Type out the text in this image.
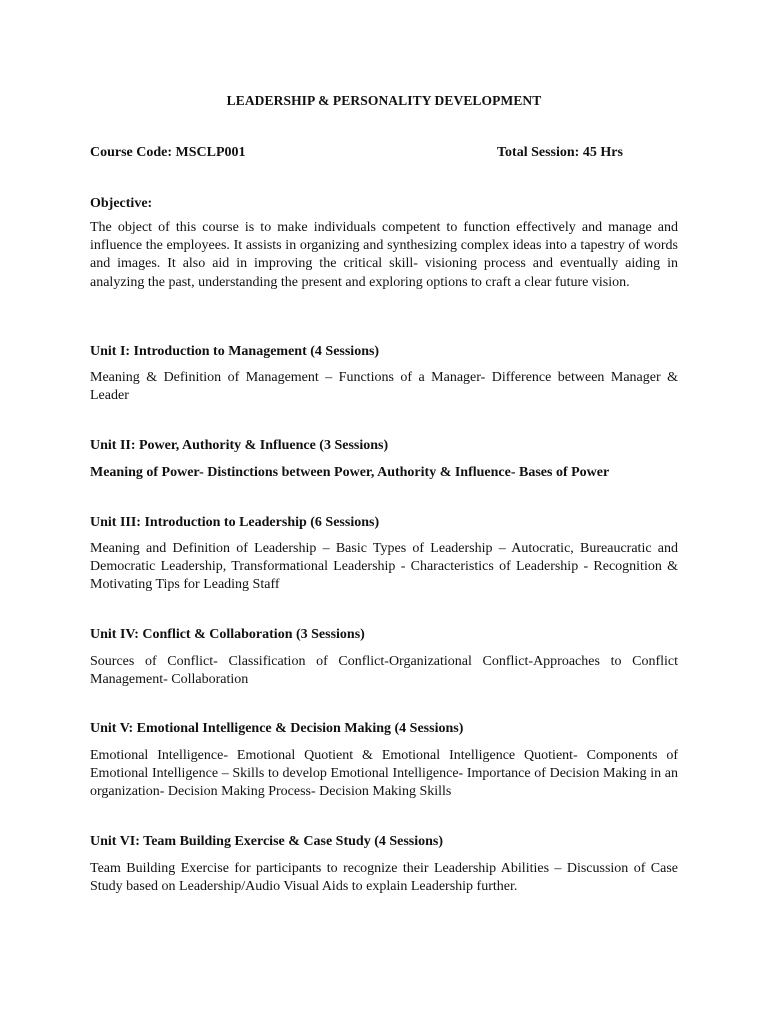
LEADERSHIP & PERSONALITY DEVELOPMENT
Course Code: MSCLP001	Total Session: 45 Hrs
Objective:
The object of this course is to make individuals competent to function effectively and manage and influence the employees. It assists in organizing and synthesizing complex ideas into a tapestry of words and images. It also aid in improving the critical skill- visioning process and eventually aiding in analyzing the past, understanding the present and exploring options to craft a clear future vision.
Unit I: Introduction to Management (4 Sessions)
Meaning & Definition of Management – Functions of a Manager- Difference between Manager & Leader
Unit II: Power, Authority & Influence (3 Sessions)
Meaning of Power- Distinctions between Power, Authority & Influence- Bases of Power
Unit III: Introduction to Leadership (6 Sessions)
Meaning and Definition of Leadership – Basic Types of Leadership – Autocratic, Bureaucratic and Democratic Leadership, Transformational Leadership - Characteristics of Leadership - Recognition & Motivating Tips for Leading Staff
Unit IV: Conflict & Collaboration (3 Sessions)
Sources of Conflict- Classification of Conflict-Organizational Conflict-Approaches to Conflict Management- Collaboration
Unit V: Emotional Intelligence & Decision Making (4 Sessions)
Emotional Intelligence- Emotional Quotient & Emotional Intelligence Quotient- Components of Emotional Intelligence – Skills to develop Emotional Intelligence- Importance of Decision Making in an organization- Decision Making Process- Decision Making Skills
Unit VI: Team Building Exercise & Case Study (4 Sessions)
Team Building Exercise for participants to recognize their Leadership Abilities – Discussion of Case Study based on Leadership/Audio Visual Aids to explain Leadership further.
